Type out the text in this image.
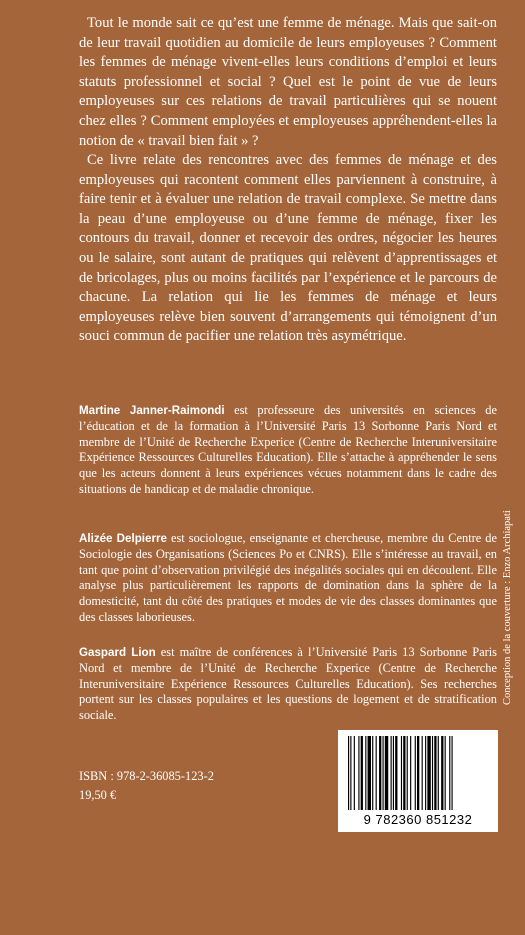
Tout le monde sait ce qu’est une femme de ménage. Mais que sait-on de leur travail quotidien au domicile de leurs employeuses ? Comment les femmes de ménage vivent-elles leurs conditions d’emploi et leurs statuts professionnel et social ? Quel est le point de vue de leurs employeuses sur ces relations de travail particulières qui se nouent chez elles ? Comment employées et employeuses appréhendent-elles la notion de « travail bien fait » ?

Ce livre relate des rencontres avec des femmes de ménage et des employeuses qui racontent comment elles parviennent à construire, à faire tenir et à évaluer une relation de travail complexe. Se mettre dans la peau d’une employeuse ou d’une femme de ménage, fixer les contours du travail, donner et recevoir des ordres, négocier les heures ou le salaire, sont autant de pratiques qui relèvent d’apprentissages et de bricolages, plus ou moins facilités par l’expérience et le parcours de chacune. La relation qui lie les femmes de ménage et leurs employeuses relève bien souvent d’arrangements qui témoignent d’un souci commun de pacifier une relation très asymétrique.

Martine Janner-Raimondi est professeure des universités en sciences de l’éducation et de la formation à l’Université Paris 13 Sorbonne Paris Nord et membre de l’Unité de Recherche Experice (Centre de Recherche Interuniversitaire Expérience Ressources Culturelles Education). Elle s’attache à appréhender le sens que les acteurs donnent à leurs expériences vécues notamment dans le cadre des situations de handicap et de maladie chronique.

Alizée Delpierre est sociologue, enseignante et chercheuse, membre du Centre de Sociologie des Organisations (Sciences Po et CNRS). Elle s’intéresse au travail, en tant que point d’observation privilégié des inégalités sociales qui en découlent. Elle analyse plus particulièrement les rapports de domination dans la sphère de la domesticité, tant du côté des pratiques et modes de vie des classes dominantes que des classes laborieuses.

Gaspard Lion est maître de conférences à l’Université Paris 13 Sorbonne Paris Nord et membre de l’Unité de Recherche Experice (Centre de Recherche Interuniversitaire Expérience Ressources Culturelles Education). Ses recherches portent sur les classes populaires et les questions de logement et de stratification sociale.

Conception de la couverture : Enzo Archiapati
ISBN : 978-2-36085-123-2
19,50 €
9 782360 851232
